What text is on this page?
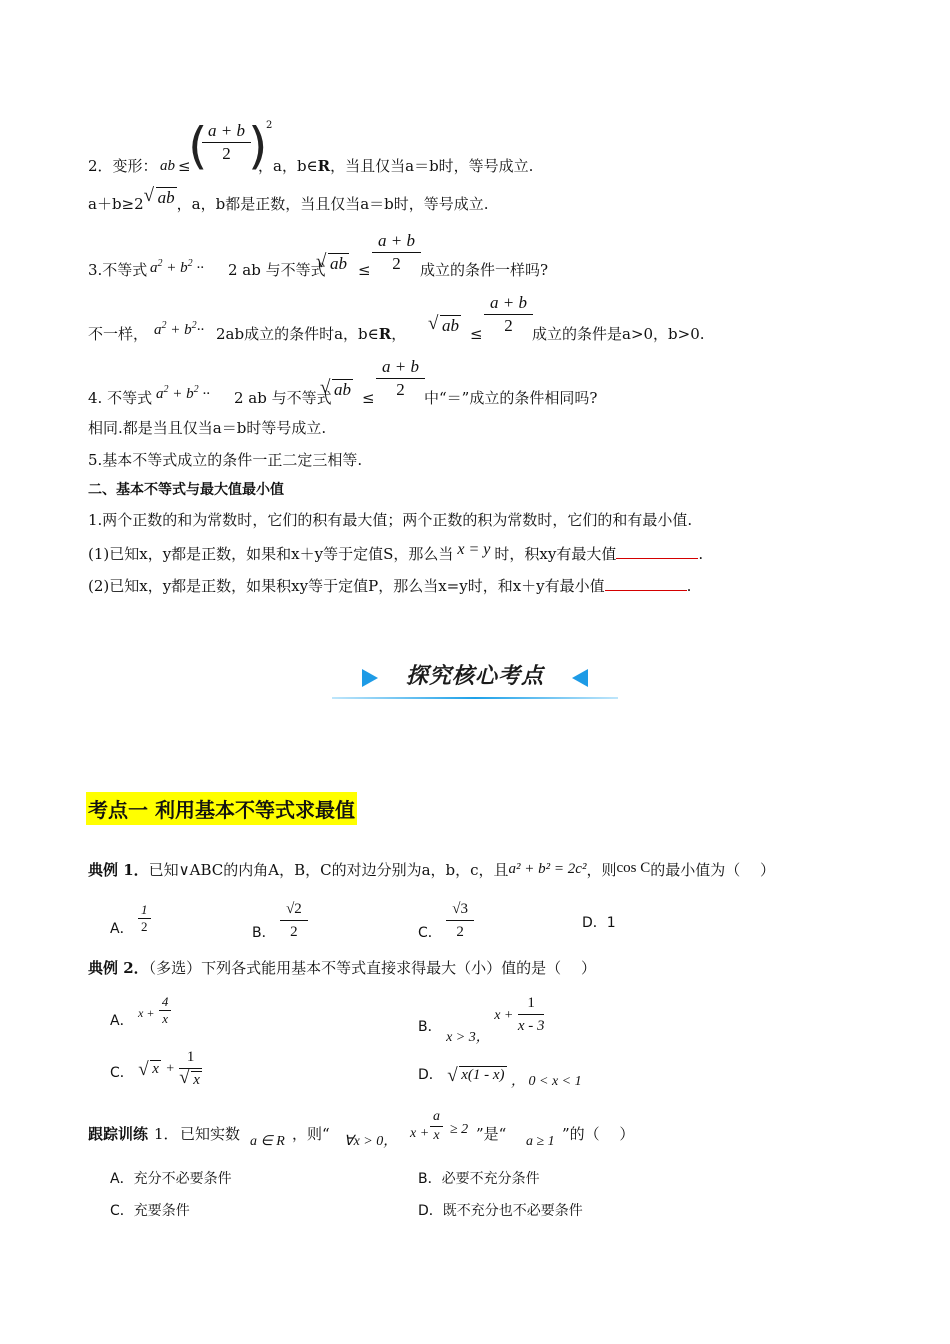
2．变形： ab ≤
(
$\frac{a + b}{2}$
)
2
，a，b∈R，当且仅当a＝b时，等号成立.
a＋b≥2 √ ab ，a，b都是正数，当且仅当a＝b时，等号成立.
3.不等式 $a^2 + b^2 \cdot\cdot 2$ ab 与不等式 √ ab ≤ $\frac{a + b}{2}$ 成立的条件一样吗?
不一样， $a^2 + b^2\cdot\cdot 2ab$成立的条件时a，b∈R，	√ ab ≤ $\frac{a + b}{2}$ 成立的条件是a>0，b>0.
4. 不等式 $a^2 + b^2 \cdot\cdot 2$ ab 与不等式 √ ab ≤ $\frac{a + b}{2}$ 中“＝”成立的条件相同吗?
相同.都是当且仅当a＝b时等号成立.
5.基本不等式成立的条件一正二定三相等.
二、基本不等式与最大值最小值
1.两个正数的和为常数时，它们的积有最大值；两个正数的积为常数时，它们的和有最小值.
(1)已知x，y都是正数，如果和x＋y等于定值S，那么当 x = y 时，积xy有最大值	.
(2)已知x，y都是正数，如果积xy等于定值P，那么当x=y时，和x＋y有最小值	.
探究核心考点
考点一 利用基本不等式求最值
典例 1．已知∨ABC的内角A，B，C的对边分别为a，b，c，且a² + b² = 2c²，则cos C的最小值为（　 ）
A． $\frac{1}{2}$	B． $\frac{√2}{2}$	C． $\frac{√3}{2}$	D．1
典例 2．（多选）下列各式能用基本不等式直接求得最大（小）值的是（　 ）
A． $x + \frac{4}{x}$	B． x > 3， $x + \frac{1}{x - 3}$
C． √ x + 1
√ x	D． √ x(1 - x) ， 0 < x < 1
跟踪训练 1． 已知实数 a ∈ R ，则“ ∀x > 0，
$x + \frac{a}{x} \ge 2$ ”是“ a ≥ 1 ”的（　 ）
A．充分不必要条件	B．必要不充分条件
C．充要条件	D．既不充分也不必要条件
